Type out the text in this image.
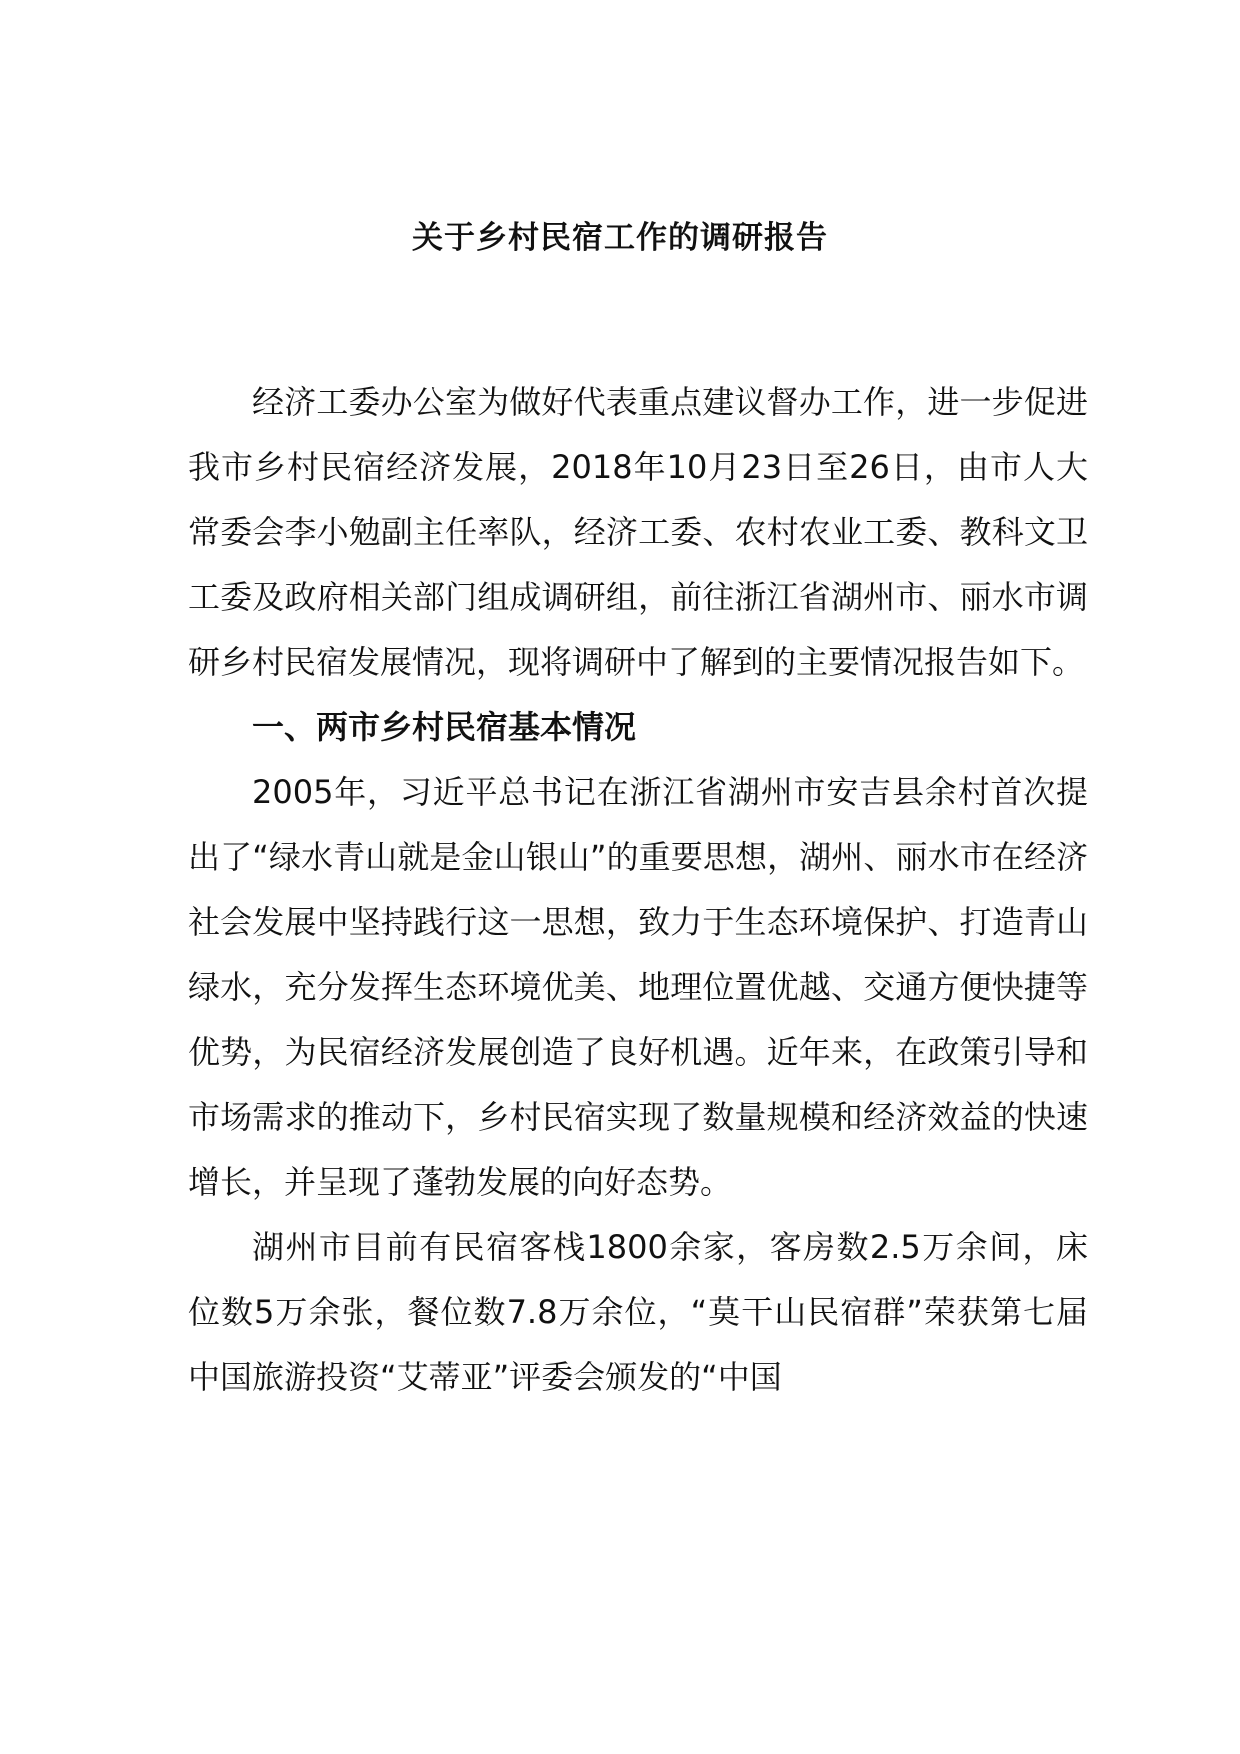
关于乡村民宿工作的调研报告

经济工委办公室为做好代表重点建议督办工作，进一步促进我市乡村民宿经济发展，2018年10月23日至26日，由市人大常委会李小勉副主任率队，经济工委、农村农业工委、教科文卫工委及政府相关部门组成调研组，前往浙江省湖州市、丽水市调研乡村民宿发展情况，现将调研中了解到的主要情况报告如下。

一、两市乡村民宿基本情况

2005年，习近平总书记在浙江省湖州市安吉县余村首次提出了“绿水青山就是金山银山”的重要思想，湖州、丽水市在经济社会发展中坚持践行这一思想，致力于生态环境保护、打造青山绿水，充分发挥生态环境优美、地理位置优越、交通方便快捷等优势，为民宿经济发展创造了良好机遇。近年来，在政策引导和市场需求的推动下，乡村民宿实现了数量规模和经济效益的快速增长，并呈现了蓬勃发展的向好态势。

湖州市目前有民宿客栈1800余家，客房数2.5万余间，床位数5万余张，餐位数7.8万余位，“莫干山民宿群”荣获第七届中国旅游投资“艾蒂亚”评委会颁发的“中国
